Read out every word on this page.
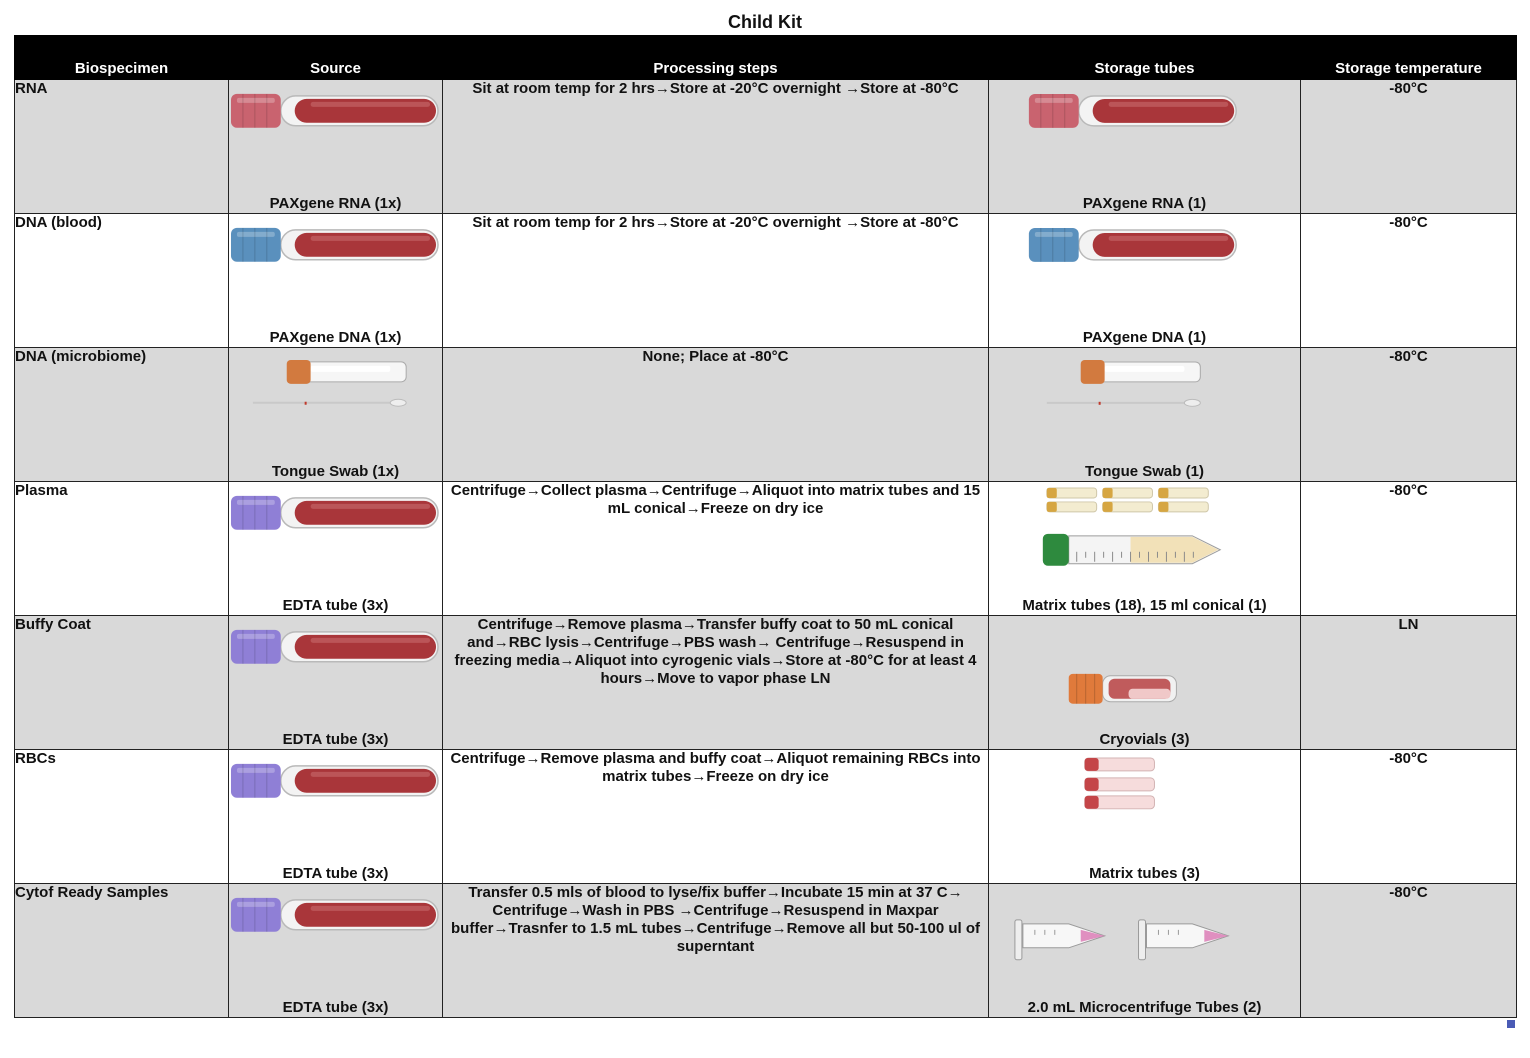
Child Kit
Biospecimen	Source	Processing steps	Storage tubes	Storage temperature
RNA	PAXgene RNA (1x)	Sit at room temp for 2 hrs→Store at -20°C overnight →Store at -80°C	PAXgene RNA (1)	-80°C
DNA (blood)	PAXgene DNA (1x)	Sit at room temp for 2 hrs→Store at -20°C overnight →Store at -80°C	PAXgene DNA (1)	-80°C
DNA (microbiome)	Tongue Swab (1x)	None; Place at -80°C	Tongue Swab (1)	-80°C
Plasma	EDTA tube (3x)	Centrifuge→Collect plasma→Centrifuge→Aliquot into matrix tubes and 15 mL conical→Freeze on dry ice	Matrix tubes (18), 15 ml conical (1)	-80°C
Buffy Coat	EDTA tube (3x)	Centrifuge→Remove plasma→Transfer buffy coat to 50 mL conical and→RBC lysis→Centrifuge→PBS wash→ Centrifuge→Resuspend in freezing media→Aliquot into cyrogenic vials→Store at -80°C for at least 4 hours→Move to vapor phase LN	Cryovials (3)	LN
RBCs	EDTA tube (3x)	Centrifuge→Remove plasma and buffy coat→Aliquot remaining RBCs into matrix tubes→Freeze on dry ice	Matrix tubes (3)	-80°C
Cytof Ready Samples	EDTA tube (3x)	Transfer 0.5 mls of blood to lyse/fix buffer→Incubate 15 min at 37 C→ Centrifuge→Wash in PBS →Centrifuge→Resuspend in Maxpar buffer→Trasnfer to 1.5 mL tubes→Centrifuge→Remove all but 50-100 ul of superntant	2.0 mL Microcentrifuge Tubes (2)	-80°C
